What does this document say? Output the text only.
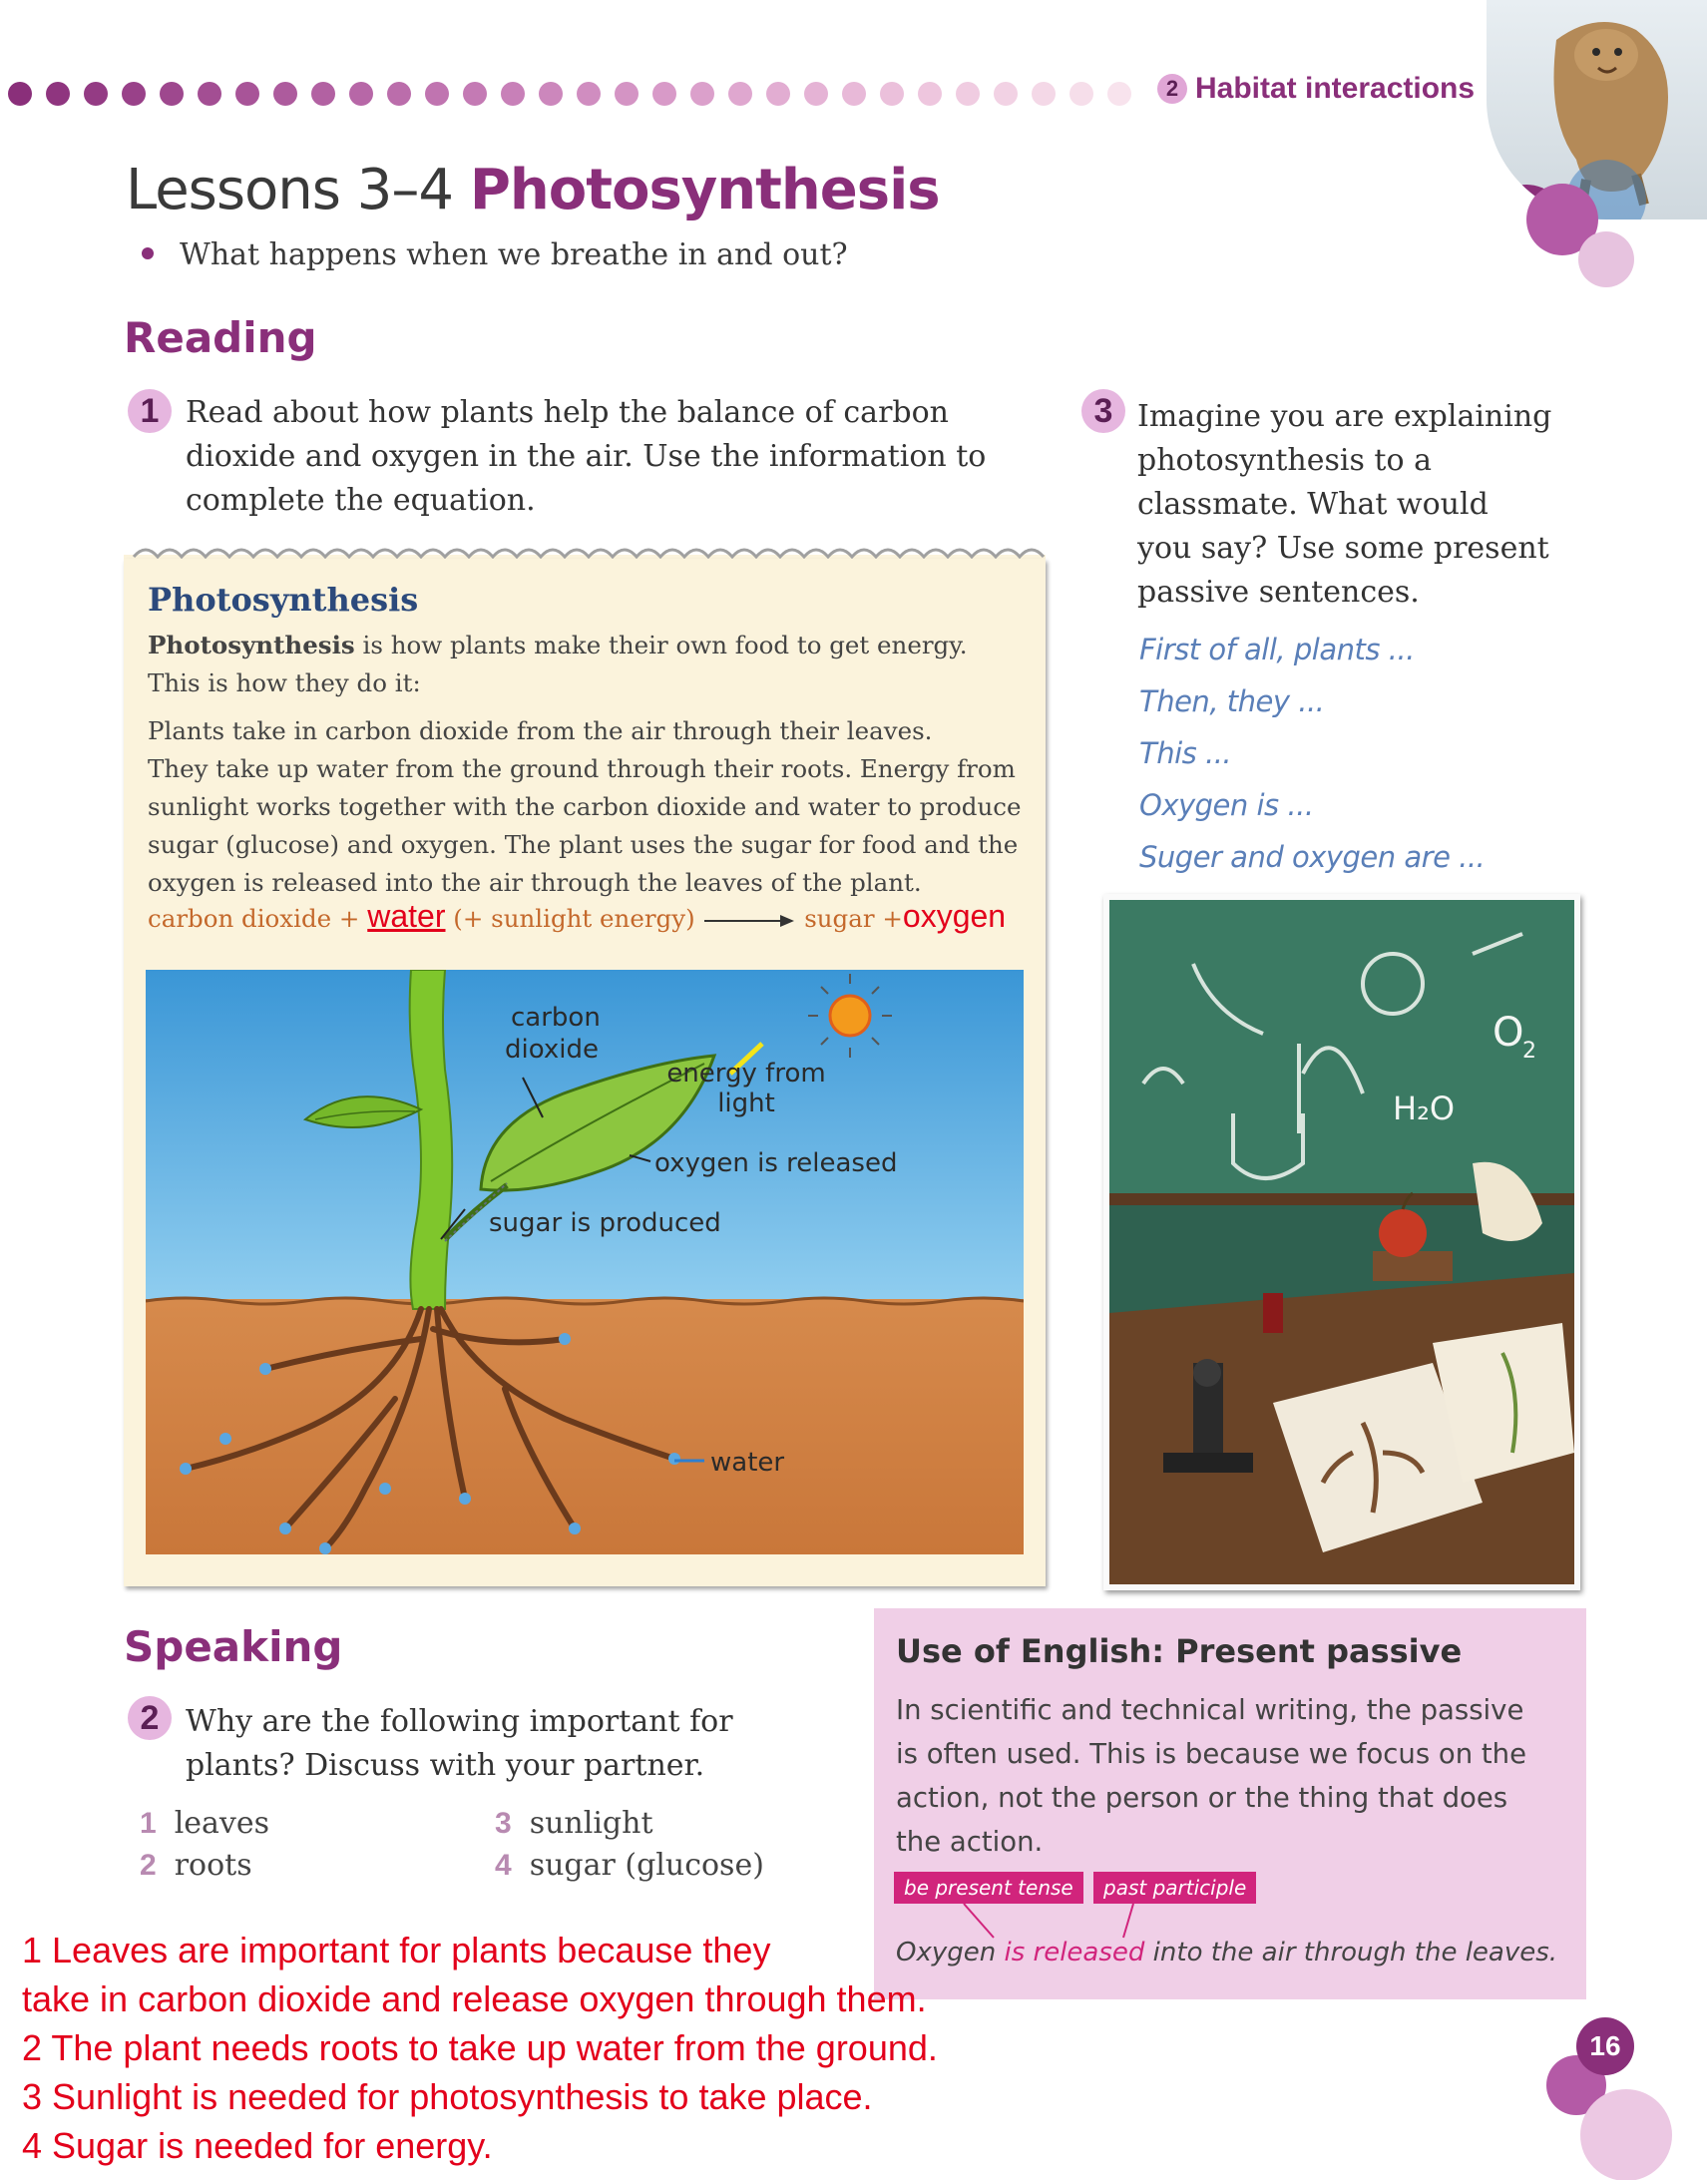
2 Habitat interactions
Lessons 3–4 Photosynthesis
What happens when we breathe in and out?
Reading
1 Read about how plants help the balance of carbon
dioxide and oxygen in the air. Use the information to
complete the equation.
Photosynthesis
Photosynthesis is how plants make their own food to get energy.
This is how they do it:
Plants take in carbon dioxide from the air through their leaves.
They take up water from the ground through their roots. Energy from
sunlight works together with the carbon dioxide and water to produce
sugar (glucose) and oxygen. The plant uses the sugar for food and the
oxygen is released into the air through the leaves of the plant.
carbon dioxide + water (+ sunlight energy)	sugar +oxygen
carbon
dioxide
energy from
light
oxygen is released
sugar is produced
water
3 Imagine you are explaining
photosynthesis to a
classmate. What would
you say? Use some present
passive sentences.
First of all, plants ...
Then, they ...
This ...
Oxygen is ...
Suger and oxygen are ...
O
2
H₂O
Speaking
2 Why are the following important for
plants? Discuss with your partner.
1 leaves
2 roots
3 sunlight
4 sugar (glucose)
Use of English: Present passive
In scientific and technical writing, the passive
is often used. This is because we focus on the
action, not the person or the thing that does
the action.
be present tense	past participle
Oxygen is released into the air through the leaves.
16
1 Leaves are important for plants because they
take in carbon dioxide and release oxygen through them.
2 The plant needs roots to take up water from the ground.
3 Sunlight is needed for photosynthesis to take place.
4 Sugar is needed for energy.
